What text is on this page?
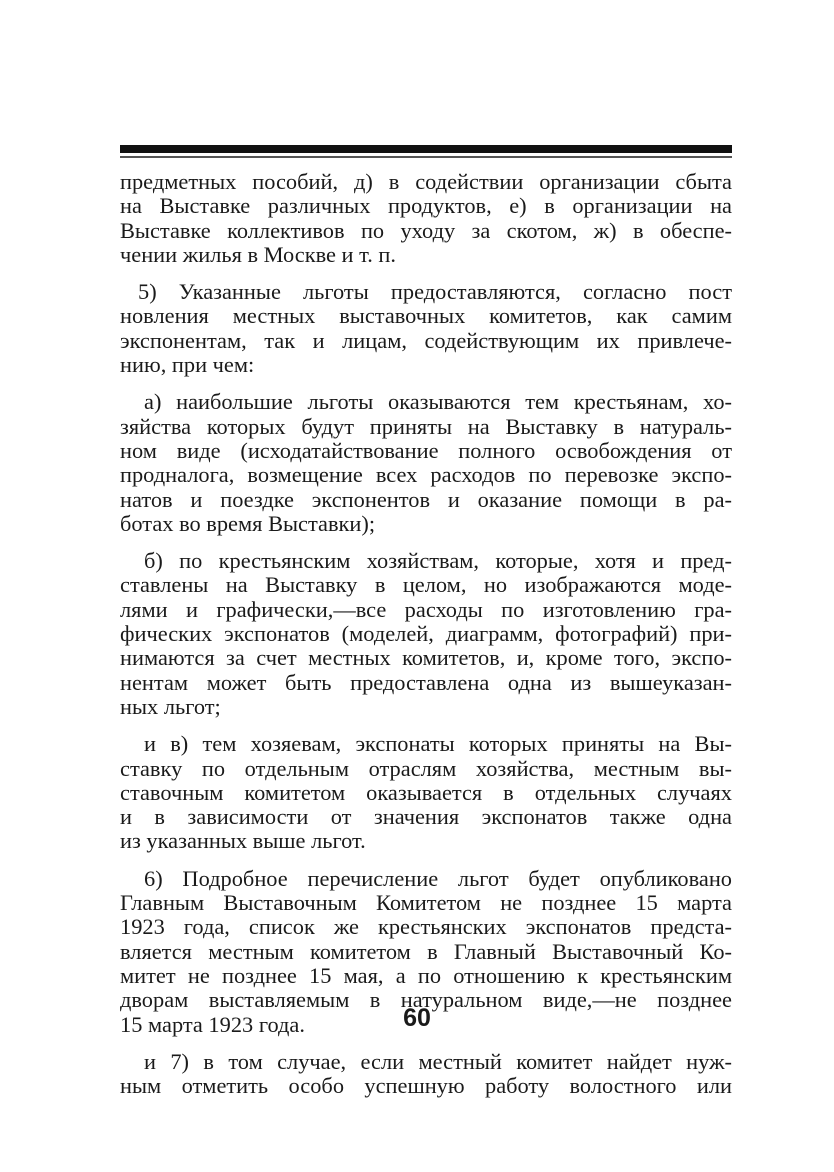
предметных пособий, д) в содействии организации сбыта
на Выставке различных продуктов, е) в организации на
Выставке коллективов по уходу за скотом, ж) в обеспе-
чении жилья в Москве и т. п.

5) Указанные льготы предоставляются, согласно пост

новления местных выставочных комитетов, как самим
экспонентам, так и лицам, содействующим их привлече-
нию, при чем:

а) наибольшие льготы оказываются тем крестьянам, хо-

зяйства которых будут приняты на Выставку в натураль-
ном виде (исходатайствование полного освобождения от
продналога, возмещение всех расходов по перевозке экспо-
натов и поездке экспонентов и оказание помощи в ра-
ботах во время Выставки);

б) по крестьянским хозяйствам, которые, хотя и пред-

ставлены на Выставку в целом, но изображаются моде-
лями и графически,—все расходы по изготовлению гра-
фических экспонатов (моделей, диаграмм, фотографий) при-
нимаются за счет местных комитетов, и, кроме того, экспо-
нентам может быть предоставлена одна из вышеуказан-
ных льгот;

и в) тем хозяевам, экспонаты которых приняты на Вы-

ставку по отдельным отраслям хозяйства, местным вы-
ставочным комитетом оказывается в отдельных случаях
и в зависимости от значения экспонатов также одна
из указанных выше льгот.

6) Подробное перечисление льгот будет опубликовано

Главным Выставочным Комитетом не позднее 15 марта
1923 года, список же крестьянских экспонатов предста-
вляется местным комитетом в Главный Выставочный Ко-
митет не позднее 15 мая, а по отношению к крестьянским
дворам выставляемым в натуральном виде,—не позднее
15 марта 1923 года.

и 7) в том случае, если местный комитет найдет нуж-

ным отметить особо успешную работу волостного или

60
